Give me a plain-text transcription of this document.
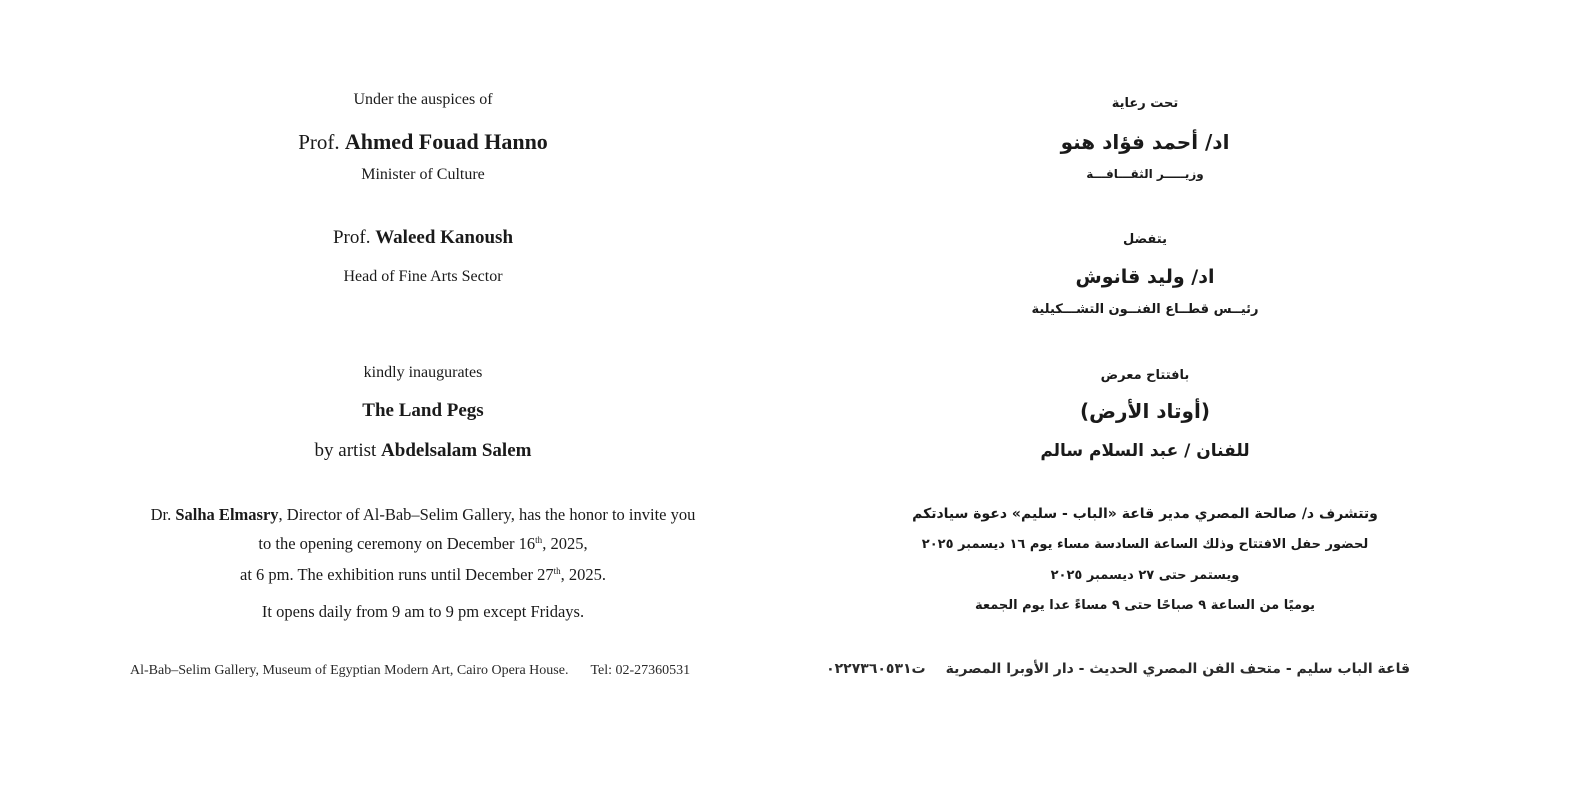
Under the auspices of
Prof. Ahmed Fouad Hanno
Minister of Culture
Prof. Waleed Kanoush
Head of Fine Arts Sector
kindly inaugurates
The Land Pegs
by artist Abdelsalam Salem
Dr. Salha Elmasry, Director of Al-Bab–Selim Gallery, has the honor to invite you
to the opening ceremony on December 16th, 2025,
at 6 pm. The exhibition runs until December 27th, 2025.
It opens daily from 9 am to 9 pm except Fridays.
Al-Bab–Selim Gallery, Museum of Egyptian Modern Art, Cairo Opera House. Tel: 02-27360531
تحت رعاية
اد/ أحمد فؤاد هنو
وزيـــــر الثقـــافـــة
يتفضل
اد/ وليد قانوش
رئيــس قطــاع الفنــون التشـــكيلية
بافتتاح معرض
(أوتاد الأرض)
للفنان / عبد السلام سالم
وتتشرف د/ صالحة المصري مدير قاعة «الباب - سليم» دعوة سيادتكم
لحضور حفل الافتتاح وذلك الساعة السادسة مساء يوم ١٦ ديسمبر ٢٠٢٥
ويستمر حتى ٢٧ ديسمبر ٢٠٢٥
يوميًا من الساعة ٩ صباحًا حتى ٩ مساءً عدا يوم الجمعة
قاعة الباب سليم - متحف الفن المصري الحديث - دار الأوبرا المصريةت٠٢٢٧٣٦٠٥٣١
